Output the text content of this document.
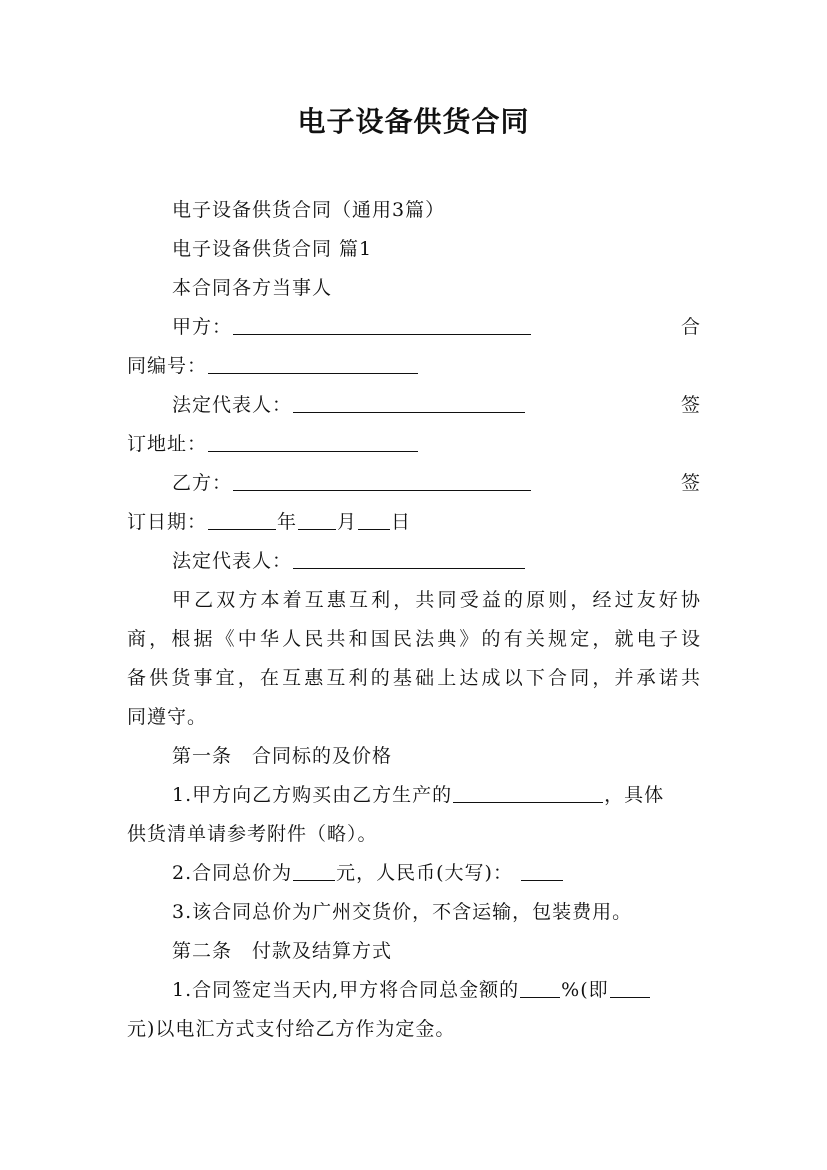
电子设备供货合同
电子设备供货合同（通用3篇）
电子设备供货合同 篇1
本合同各方当事人
甲方：	合
同编号：
法定代表人：	签
订地址：
乙方：	签
订日期：	年 月 日
法定代表人：
甲乙双方本着互惠互利，共同受益的原则，经过友好协
商，根据《中华人民共和国民法典》的有关规定，就电子设
备供货事宜，在互惠互利的基础上达成以下合同，并承诺共
同遵守。
第一条　合同标的及价格
1.甲方向乙方购买由乙方生产的	，具体
供货清单请参考附件（略）。
2.合同总价为 元，人民币(大写)：
3.该合同总价为广州交货价，不含运输，包装费用。
第二条　付款及结算方式
1.合同签定当天内,甲方将合同总金额的 %(即
元)以电汇方式支付给乙方作为定金。
